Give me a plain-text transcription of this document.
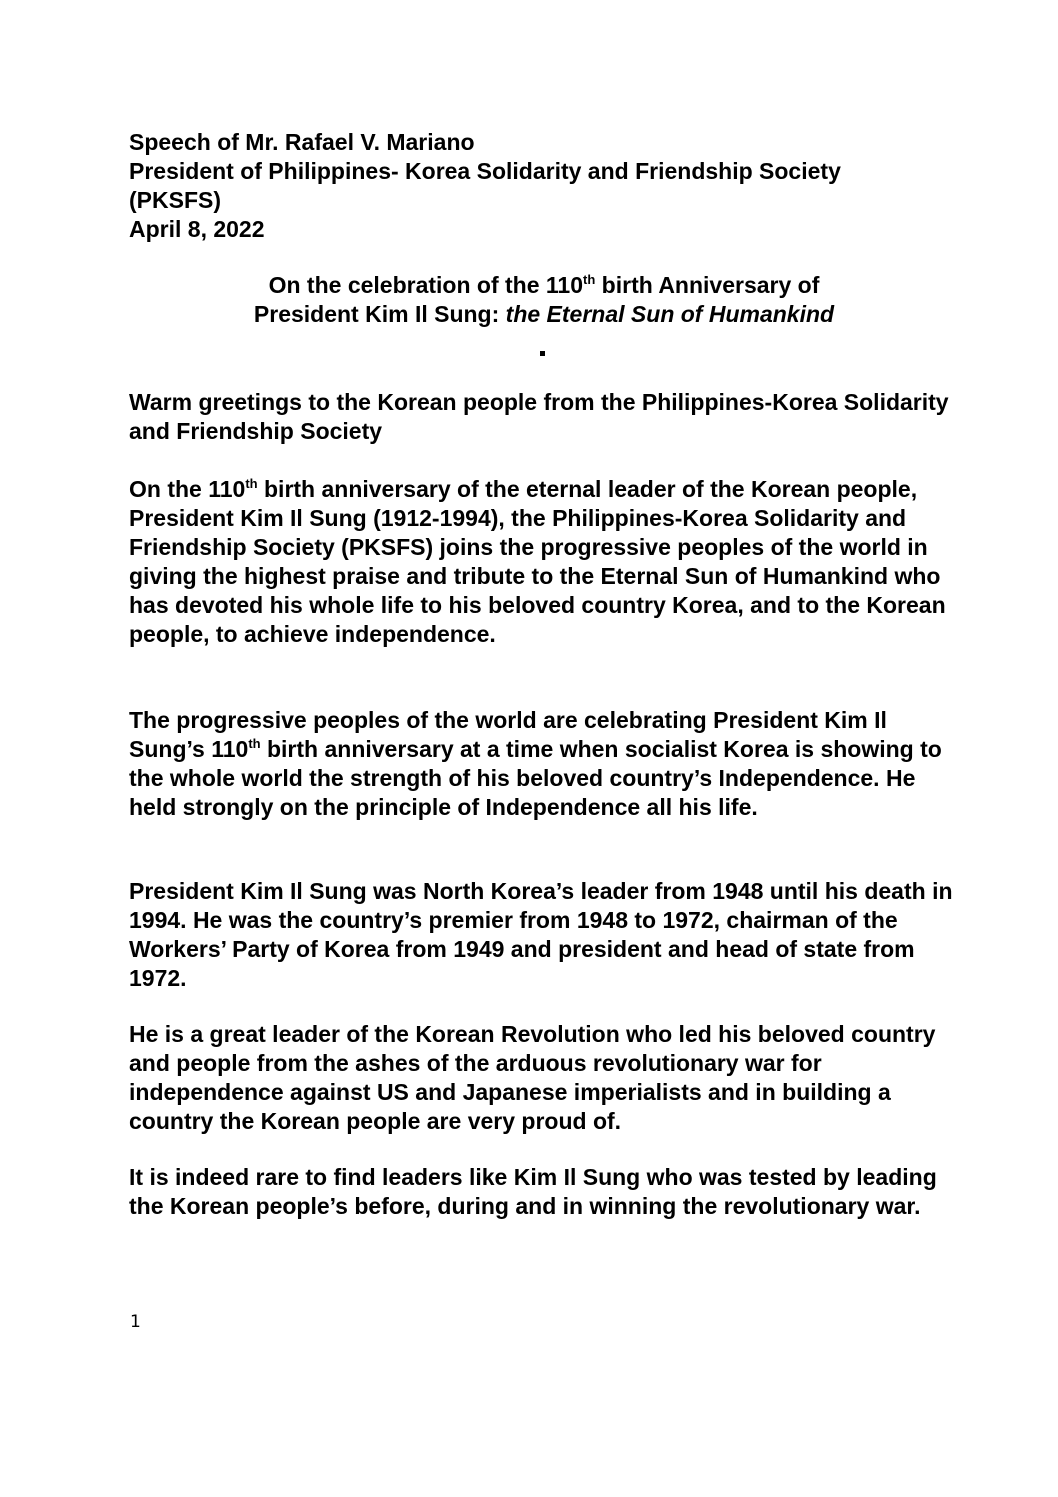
Speech of Mr. Rafael V. Mariano
President of Philippines- Korea Solidarity and Friendship Society
(PKSFS)
April 8, 2022
On the celebration of the 110th birth Anniversary of
President Kim Il Sung: the Eternal Sun of Humankind

Warm greetings to the Korean people from the Philippines-Korea Solidarity and Friendship Society

On the 110th birth anniversary of the eternal leader of the Korean people, President Kim Il Sung (1912-1994), the Philippines-Korea Solidarity and Friendship Society (PKSFS) joins the progressive peoples of the world in giving the highest praise and tribute to the Eternal Sun of Humankind who has devoted his whole life to his beloved country Korea, and to the Korean people, to achieve independence.

The progressive peoples of the world are celebrating President Kim Il Sung’s 110th birth anniversary at a time when socialist Korea is showing to the whole world the strength of his beloved country’s Independence. He held strongly on the principle of Independence all his life.

President Kim Il Sung was North Korea’s leader from 1948 until his death in 1994. He was the country’s premier from 1948 to 1972, chairman of the Workers’ Party of Korea from 1949 and president and head of state from 1972.

He is a great leader of the Korean Revolution who led his beloved country and people from the ashes of the arduous revolutionary war for independence against US and Japanese imperialists and in building a country the Korean people are very proud of.

It is indeed rare to find leaders like Kim Il Sung who was tested by leading the Korean people’s before, during and in winning the revolutionary war.

1
